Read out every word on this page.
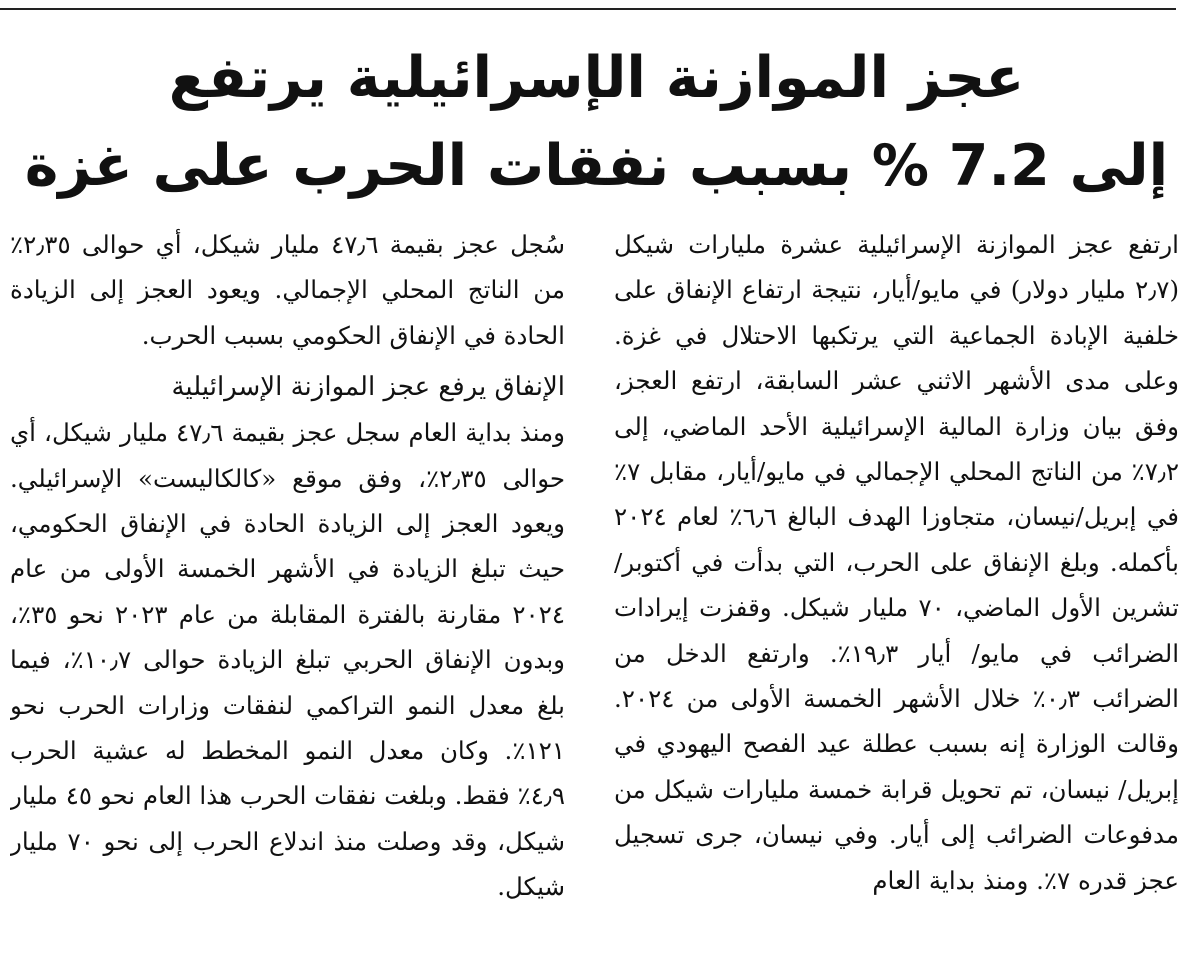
عجز الموازنة الإسرائيلية يرتفع
إلى 7.2 % بسبب نفقات الحرب على غزة

ارتفع عجز الموازنة الإسرائيلية عشرة مليارات شيكل (٢٫٧ مليار دولار) في مايو/أيار، نتيجة ارتفاع الإنفاق على خلفية الإبادة الجماعية التي يرتكبها الاحتلال في غزة. وعلى مدى الأشهر الاثني عشر السابقة، ارتفع العجز، وفق بيان وزارة المالية الإسرائيلية الأحد الماضي، إلى ٧٫٢٪ من الناتج المحلي الإجمالي في مايو/أيار، مقابل ٧٪ في إبريل/نيسان، متجاوزا الهدف البالغ ٦٫٦٪ لعام ٢٠٢٤ بأكمله. وبلغ الإنفاق على الحرب، التي بدأت في أكتوبر/تشرين الأول الماضي، ٧٠ مليار شيكل. وقفزت إيرادات الضرائب في مايو/ أيار ١٩٫٣٪. وارتفع الدخل من الضرائب ٠٫٣٪ خلال الأشهر الخمسة الأولى من ٢٠٢٤. وقالت الوزارة إنه بسبب عطلة عيد الفصح اليهودي في إبريل/ نيسان، تم تحويل قرابة خمسة مليارات شيكل من مدفوعات الضرائب إلى أيار. وفي نيسان، جرى تسجيل عجز قدره ٧٪. ومنذ بداية العام

سُجل عجز بقيمة ٤٧٫٦ مليار شيكل، أي حوالى ٢٫٣٥٪ من الناتج المحلي الإجمالي. ويعود العجز إلى الزيادة الحادة في الإنفاق الحكومي بسبب الحرب.

الإنفاق يرفع عجز الموازنة الإسرائيلية

ومنذ بداية العام سجل عجز بقيمة ٤٧٫٦ مليار شيكل، أي حوالى ٢٫٣٥٪، وفق موقع «كالكاليست» الإسرائيلي. ويعود العجز إلى الزيادة الحادة في الإنفاق الحكومي، حيث تبلغ الزيادة في الأشهر الخمسة الأولى من عام ٢٠٢٤ مقارنة بالفترة المقابلة من عام ٢٠٢٣ نحو ٣٥٪، وبدون الإنفاق الحربي تبلغ الزيادة حوالى ١٠٫٧٪، فيما بلغ معدل النمو التراكمي لنفقات وزارات الحرب نحو ١٢١٪. وكان معدل النمو المخطط له عشية الحرب ٤٫٩٪ فقط. وبلغت نفقات الحرب هذا العام نحو ٤٥ مليار شيكل، وقد وصلت منذ اندلاع الحرب إلى نحو ٧٠ مليار شيكل.
